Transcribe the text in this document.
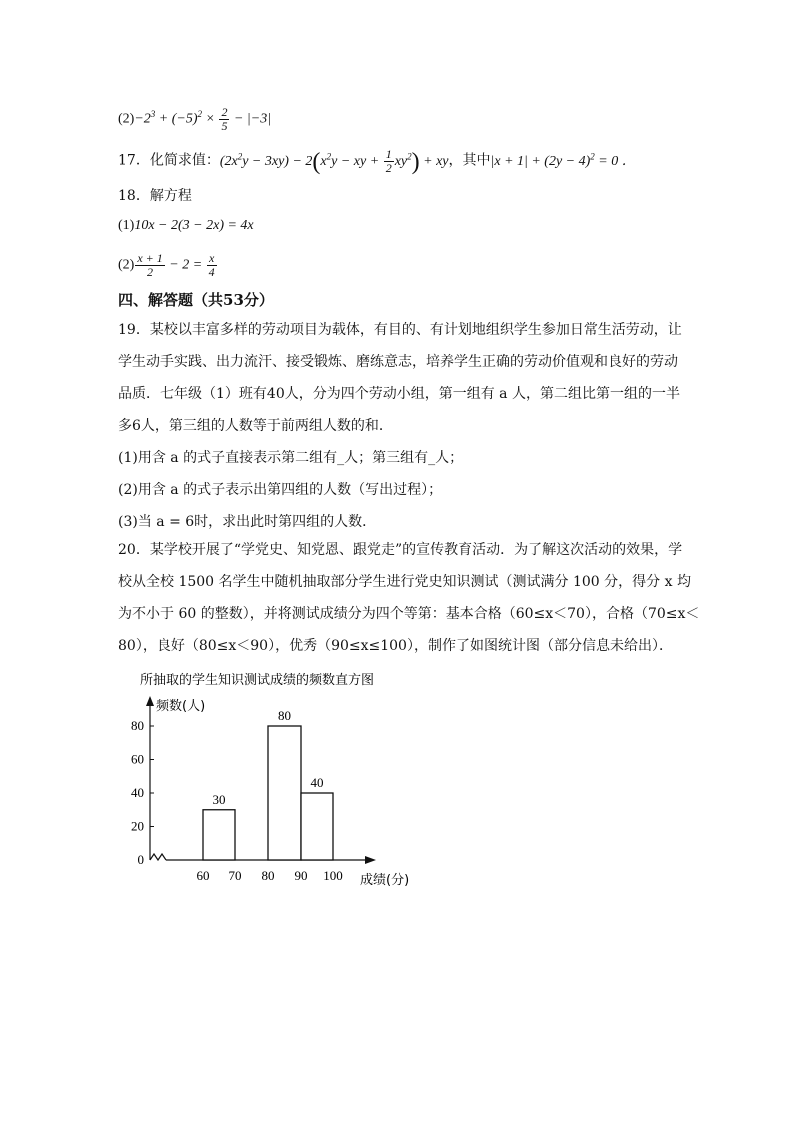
$(2)-2^3 + (-5)^2 \times \frac{2}{5} - |-3|$
17．化简求值：$(2x^2y - 3xy) - 2(x^2y$ − xy + $\frac{1}{2} xy^2$) + xy，其中$|x + 1| + (2y - 4)^2 = 0$ ．
18．解方程
(1)10x − 2(3 − 2x) = 4x
$(2) \frac{x + 1}{2} - 2 = \frac{x}{4}$
四、解答题（共53分）
19．某校以丰富多样的劳动项目为载体，有目的、有计划地组织学生参加日常生活劳动，让
学生动手实践、出力流汗、接受锻炼、磨练意志，培养学生正确的劳动价值观和良好的劳动
品质．七年级（1）班有40人，分为四个劳动小组，第一组有 a 人，第二组比第一组的一半
多6人，第三组的人数等于前两组人数的和．
(1)用含 a 的式子直接表示第二组有_人；第三组有_人；
(2)用含 a 的式子表示出第四组的人数（写出过程）；
(3)当 a = 6时，求出此时第四组的人数．
20．某学校开展了“学党史、知党恩、跟党走”的宣传教育活动．为了解这次活动的效果，学
校从全校 1500 名学生中随机抽取部分学生进行党史知识测试（测试满分 100 分，得分 x 均
为不小于 60 的整数），并将测试成绩分为四个等第：基本合格（60≤x＜70），合格（70≤x＜
80），良好（80≤x＜90），优秀（90≤x≤100），制作了如图统计图（部分信息未给出）．
所抽取的学生知识测试成绩的频数直方图
频数(人)
成绩(分)
30
80
40
0
20
40
60
80
60 70 80 90 100
